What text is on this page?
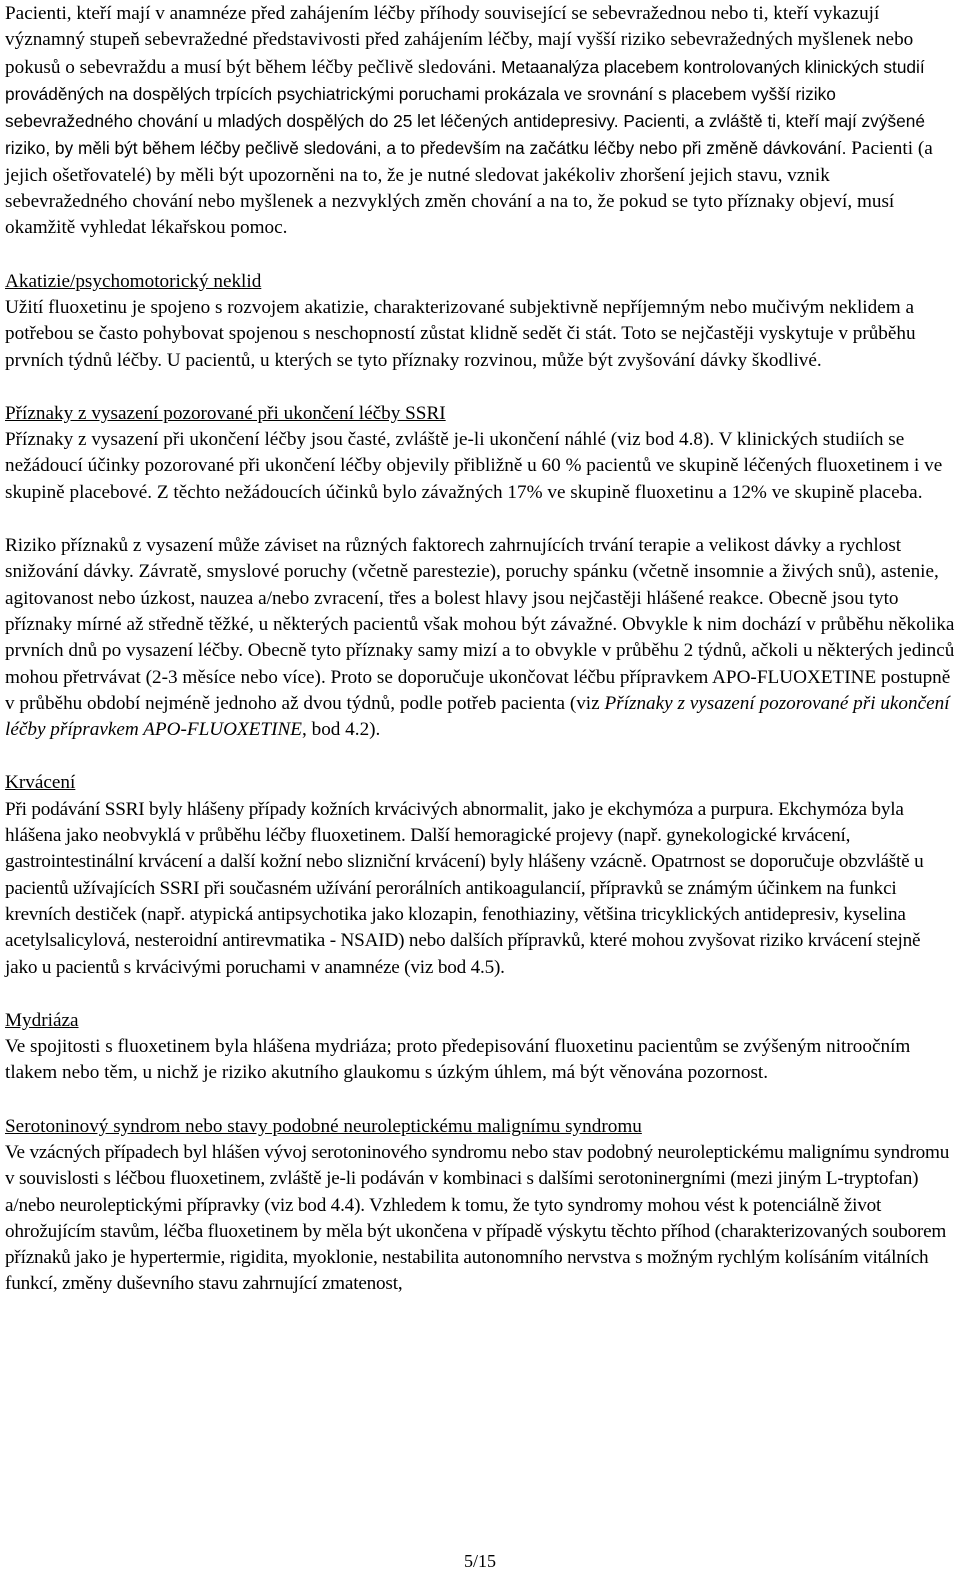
Pacienti, kteří mají v anamnéze před zahájením léčby příhody související se sebevražednou nebo ti, kteří vykazují významný stupeň sebevražedné představivosti před zahájením léčby, mají vyšší riziko sebevražedných myšlenek nebo pokusů o sebevraždu a musí být během léčby pečlivě sledováni. Metaanalýza placebem kontrolovaných klinických studií prováděných na dospělých trpících psychiatrickými poruchami prokázala ve srovnání s placebem vyšší riziko sebevražedného chování u mladých dospělých do 25 let léčených antidepresivy. Pacienti, a zvláště ti, kteří mají zvýšené riziko, by měli být během léčby pečlivě sledováni, a to především na začátku léčby nebo při změně dávkování. Pacienti (a jejich ošetřovatelé) by měli být upozorněni na to, že je nutné sledovat jakékoliv zhoršení jejich stavu, vznik sebevražedného chování nebo myšlenek a nezvyklých změn chování a na to, že pokud se tyto příznaky objeví, musí okamžitě vyhledat lékařskou pomoc.

Akatizie/psychomotorický neklid

Užití fluoxetinu je spojeno s rozvojem akatizie, charakterizované subjektivně nepříjemným nebo mučivým neklidem a potřebou se často pohybovat spojenou s neschopností zůstat klidně sedět či stát. Toto se nejčastěji vyskytuje v průběhu prvních týdnů léčby. U pacientů, u kterých se tyto příznaky rozvinou, může být zvyšování dávky škodlivé.

Příznaky z vysazení pozorované při ukončení léčby SSRI

Příznaky z vysazení při ukončení léčby jsou časté, zvláště je-li ukončení náhlé (viz bod 4.8). V klinických studiích se nežádoucí účinky pozorované při ukončení léčby objevily přibližně u 60 % pacientů ve skupině léčených fluoxetinem i ve skupině placebové. Z těchto nežádoucích účinků bylo závažných 17% ve skupině fluoxetinu a 12% ve skupině placeba.

Riziko příznaků z vysazení může záviset na různých faktorech zahrnujících trvání terapie a velikost dávky a rychlost snižování dávky. Závratě, smyslové poruchy (včetně parestezie), poruchy spánku (včetně insomnie a živých snů), astenie, agitovanost nebo úzkost, nauzea a/nebo zvracení, třes a bolest hlavy jsou nejčastěji hlášené reakce. Obecně jsou tyto příznaky mírné až středně těžké, u některých pacientů však mohou být závažné. Obvykle k nim dochází v průběhu několika prvních dnů po vysazení léčby. Obecně tyto příznaky samy mizí a to obvykle v průběhu 2 týdnů, ačkoli u některých jedinců mohou přetrvávat (2-3 měsíce nebo více). Proto se doporučuje ukončovat léčbu přípravkem APO-FLUOXETINE postupně v průběhu období nejméně jednoho až dvou týdnů, podle potřeb pacienta (viz Příznaky z vysazení pozorované při ukončení léčby přípravkem APO-FLUOXETINE, bod 4.2).

Krvácení

Při podávání SSRI byly hlášeny případy kožních krvácivých abnormalit, jako je ekchymóza a purpura. Ekchymóza byla hlášena jako neobvyklá v průběhu léčby fluoxetinem. Další hemoragické projevy (např. gynekologické krvácení, gastrointestinální krvácení a další kožní nebo slizniční krvácení) byly hlášeny vzácně. Opatrnost se doporučuje obzvláště u pacientů užívajících SSRI při současném užívání perorálních antikoagulancií, přípravků se známým účinkem na funkci krevních destiček (např. atypická antipsychotika jako klozapin, fenothiaziny, většina tricyklických antidepresiv, kyselina acetylsalicylová, nesteroidní antirevmatika - NSAID) nebo dalších přípravků, které mohou zvyšovat riziko krvácení stejně jako u pacientů s krvácivými poruchami v anamnéze (viz bod 4.5).

Mydriáza

Ve spojitosti s fluoxetinem byla hlášena mydriáza; proto předepisování fluoxetinu pacientům se zvýšeným nitroočním tlakem nebo těm, u nichž je riziko akutního glaukomu s úzkým úhlem, má být věnována pozornost.

Serotoninový syndrom nebo stavy podobné neuroleptickému malignímu syndromu

Ve vzácných případech byl hlášen vývoj serotoninového syndromu nebo stav podobný neuroleptickému malignímu syndromu v souvislosti s léčbou fluoxetinem, zvláště je-li podáván v kombinaci s dalšími serotoninergními (mezi jiným L-tryptofan) a/nebo neuroleptickými přípravky (viz bod 4.4). Vzhledem k tomu, že tyto syndromy mohou vést k potenciálně život ohrožujícím stavům, léčba fluoxetinem by měla být ukončena v případě výskytu těchto příhod (charakterizovaných souborem příznaků jako je hypertermie, rigidita, myoklonie, nestabilita autonomního nervstva s možným rychlým kolísáním vitálních funkcí, změny duševního stavu zahrnující zmatenost,

5/15
